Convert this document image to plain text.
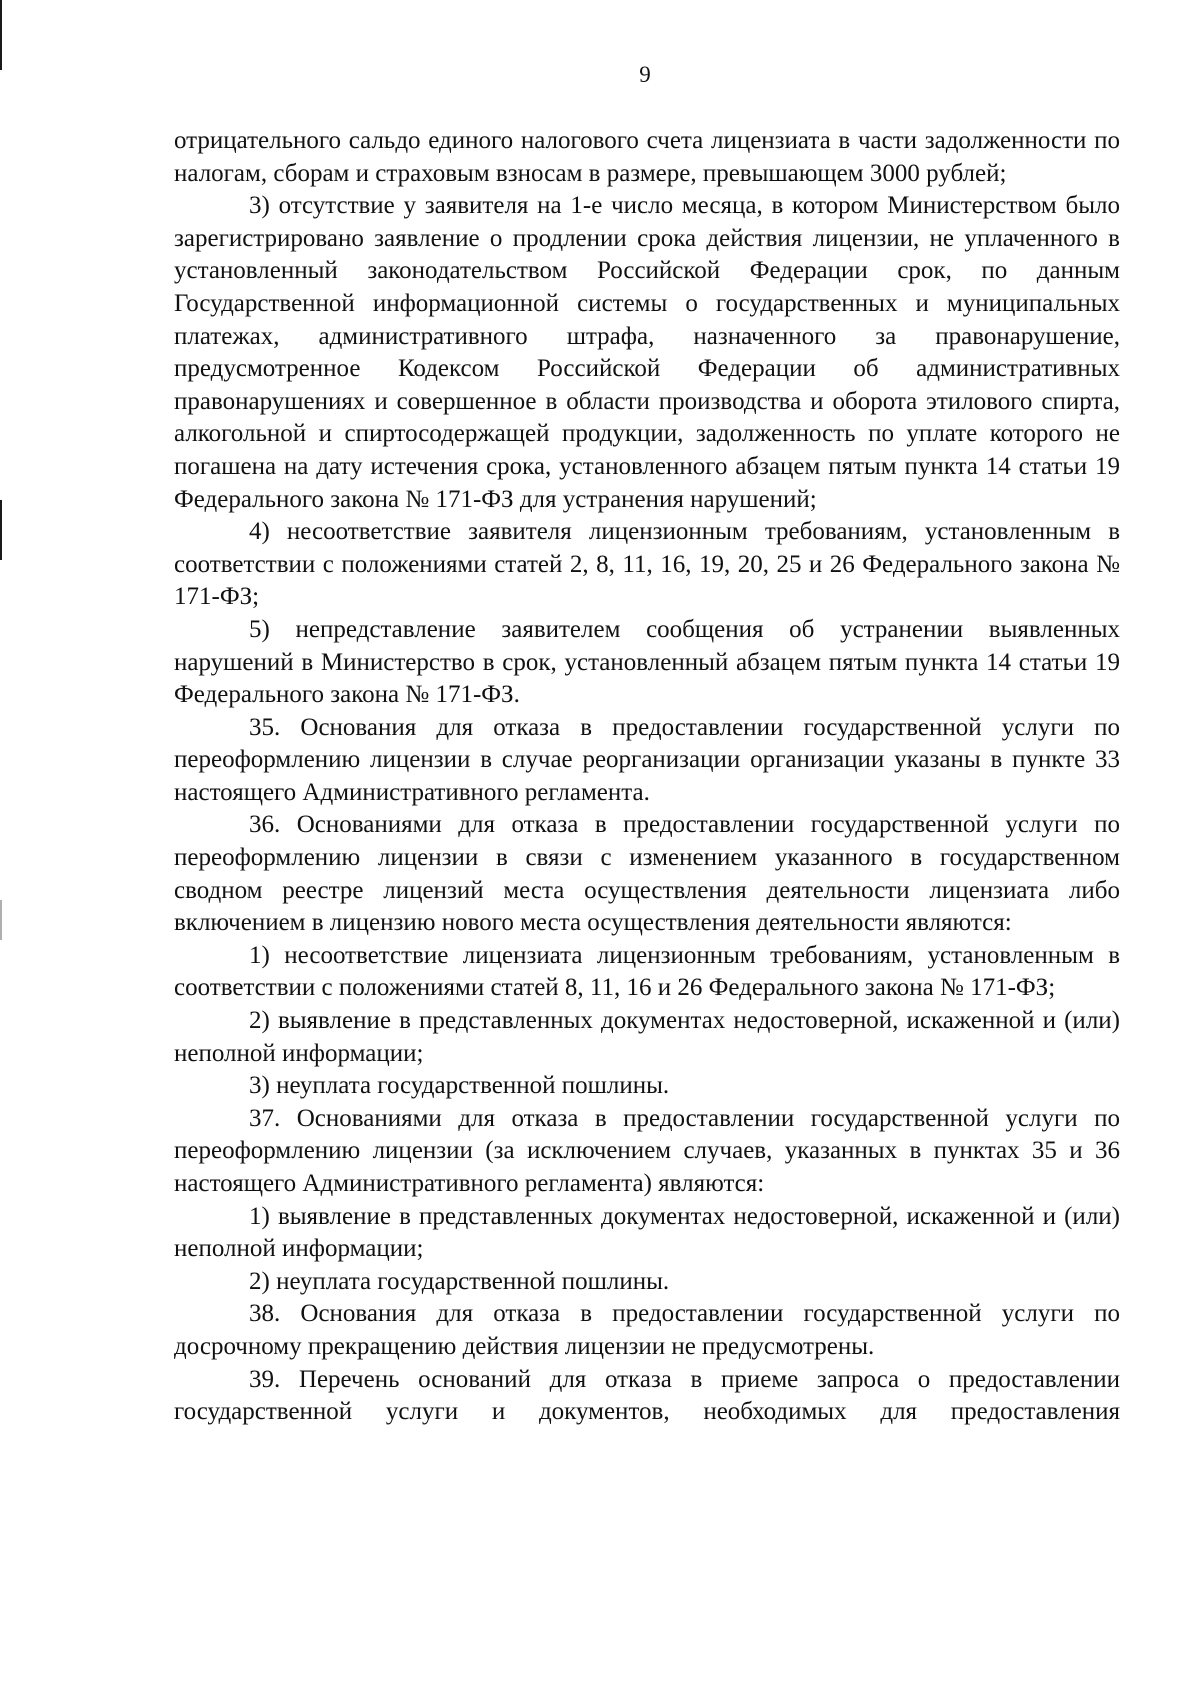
9

отрицательного сальдо единого налогового счета лицензиата в части задолженности по налогам, сборам и страховым взносам в размере, превышающем 3000 рублей;

3) отсутствие у заявителя на 1-е число месяца, в котором Министерством было зарегистрировано заявление о продлении срока действия лицензии, не уплаченного в установленный законодательством Российской Федерации срок, по данным Государственной информационной системы о государственных и муниципальных платежах, административного штрафа, назначенного за правонарушение, предусмотренное Кодексом Российской Федерации об административных правонарушениях и совершенное в области производства и оборота этилового спирта, алкогольной и спиртосодержащей продукции, задолженность по уплате которого не погашена на дату истечения срока, установленного абзацем пятым пункта 14 статьи 19 Федерального закона № 171-ФЗ для устранения нарушений;

4) несоответствие заявителя лицензионным требованиям, установленным в соответствии с положениями статей 2, 8, 11, 16, 19, 20, 25 и 26 Федерального закона № 171-ФЗ;

5) непредставление заявителем сообщения об устранении выявленных нарушений в Министерство в срок, установленный абзацем пятым пункта 14 статьи 19 Федерального закона № 171-ФЗ.

35. Основания для отказа в предоставлении государственной услуги по переоформлению лицензии в случае реорганизации организации указаны в пункте 33 настоящего Административного регламента.

36. Основаниями для отказа в предоставлении государственной услуги по переоформлению лицензии в связи с изменением указанного в государственном сводном реестре лицензий места осуществления деятельности лицензиата либо включением в лицензию нового места осуществления деятельности являются:

1) несоответствие лицензиата лицензионным требованиям, установленным в соответствии с положениями статей 8, 11, 16 и 26 Федерального закона № 171-ФЗ;

2) выявление в представленных документах недостоверной, искаженной и (или) неполной информации;

3) неуплата государственной пошлины.

37. Основаниями для отказа в предоставлении государственной услуги по переоформлению лицензии (за исключением случаев, указанных в пунктах 35 и 36 настоящего Административного регламента) являются:

1) выявление в представленных документах недостоверной, искаженной и (или) неполной информации;

2) неуплата государственной пошлины.

38. Основания для отказа в предоставлении государственной услуги по досрочному прекращению действия лицензии не предусмотрены.

39. Перечень оснований для отказа в приеме запроса о предоставлении государственной услуги и документов, необходимых для предоставления
